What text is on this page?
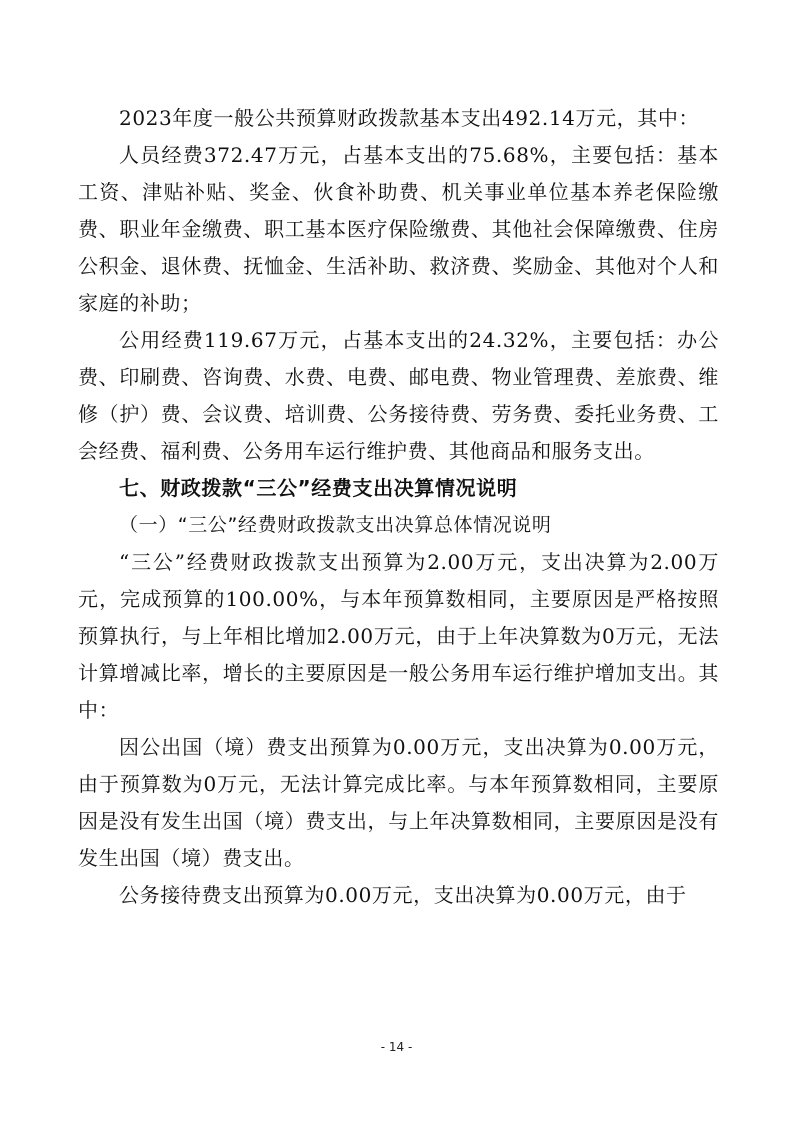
2023年度一般公共预算财政拨款基本支出492.14万元，其中：

人员经费372.47万元，占基本支出的75.68%，主要包括：基本工资、津贴补贴、奖金、伙食补助费、机关事业单位基本养老保险缴费、职业年金缴费、职工基本医疗保险缴费、其他社会保障缴费、住房公积金、退休费、抚恤金、生活补助、救济费、奖励金、其他对个人和家庭的补助；

公用经费119.67万元，占基本支出的24.32%，主要包括：办公费、印刷费、咨询费、水费、电费、邮电费、物业管理费、差旅费、维修（护）费、会议费、培训费、公务接待费、劳务费、委托业务费、工会经费、福利费、公务用车运行维护费、其他商品和服务支出。

七、财政拨款“三公”经费支出决算情况说明

（一）“三公”经费财政拨款支出决算总体情况说明

“三公”经费财政拨款支出预算为2.00万元，支出决算为2.00万元，完成预算的100.00%，与本年预算数相同，主要原因是严格按照预算执行，与上年相比增加2.00万元，由于上年决算数为0万元，无法计算增减比率，增长的主要原因是一般公务用车运行维护增加支出。其中：

因公出国（境）费支出预算为0.00万元，支出决算为0.00万元，由于预算数为0万元，无法计算完成比率。与本年预算数相同，主要原因是没有发生出国（境）费支出，与上年决算数相同，主要原因是没有发生出国（境）费支出。

公务接待费支出预算为0.00万元，支出决算为0.00万元，由于

- 14 -
